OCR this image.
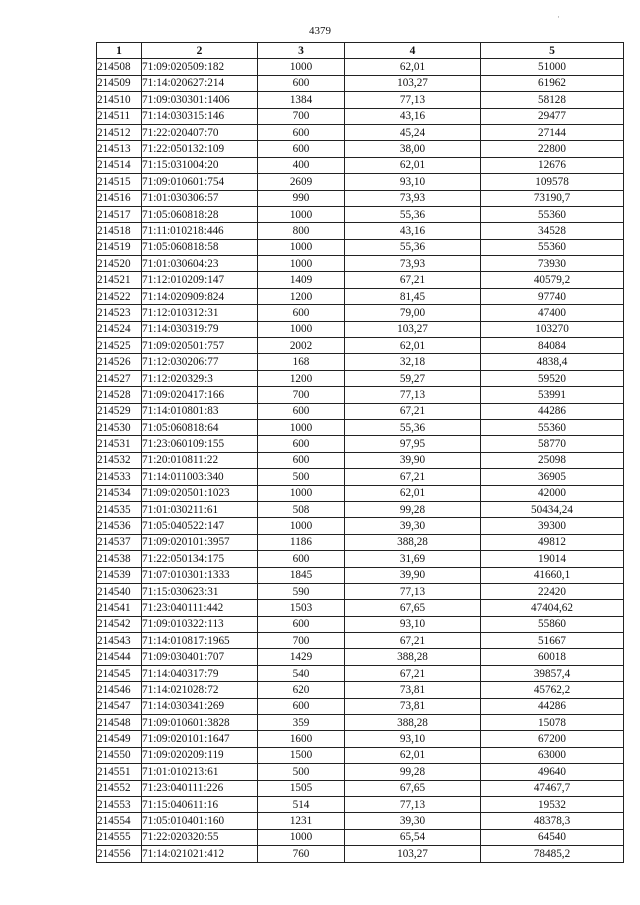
4379
·
1	2	3	4	5
214508	71:09:020509:182	1000	62,01	51000
214509	71:14:020627:214	600	103,27	61962
214510	71:09:030301:1406	1384	77,13	58128
214511	71:14:030315:146	700	43,16	29477
214512	71:22:020407:70	600	45,24	27144
214513	71:22:050132:109	600	38,00	22800
214514	71:15:031004:20	400	62,01	12676
214515	71:09:010601:754	2609	93,10	109578
214516	71:01:030306:57	990	73,93	73190,7
214517	71:05:060818:28	1000	55,36	55360
214518	71:11:010218:446	800	43,16	34528
214519	71:05:060818:58	1000	55,36	55360
214520	71:01:030604:23	1000	73,93	73930
214521	71:12:010209:147	1409	67,21	40579,2
214522	71:14:020909:824	1200	81,45	97740
214523	71:12:010312:31	600	79,00	47400
214524	71:14:030319:79	1000	103,27	103270
214525	71:09:020501:757	2002	62,01	84084
214526	71:12:030206:77	168	32,18	4838,4
214527	71:12:020329:3	1200	59,27	59520
214528	71:09:020417:166	700	77,13	53991
214529	71:14:010801:83	600	67,21	44286
214530	71:05:060818:64	1000	55,36	55360
214531	71:23:060109:155	600	97,95	58770
214532	71:20:010811:22	600	39,90	25098
214533	71:14:011003:340	500	67,21	36905
214534	71:09:020501:1023	1000	62,01	42000
214535	71:01:030211:61	508	99,28	50434,24
214536	71:05:040522:147	1000	39,30	39300
214537	71:09:020101:3957	1186	388,28	49812
214538	71:22:050134:175	600	31,69	19014
214539	71:07:010301:1333	1845	39,90	41660,1
214540	71:15:030623:31	590	77,13	22420
214541	71:23:040111:442	1503	67,65	47404,62
214542	71:09:010322:113	600	93,10	55860
214543	71:14:010817:1965	700	67,21	51667
214544	71:09:030401:707	1429	388,28	60018
214545	71:14:040317:79	540	67,21	39857,4
214546	71:14:021028:72	620	73,81	45762,2
214547	71:14:030341:269	600	73,81	44286
214548	71:09:010601:3828	359	388,28	15078
214549	71:09:020101:1647	1600	93,10	67200
214550	71:09:020209:119	1500	62,01	63000
214551	71:01:010213:61	500	99,28	49640
214552	71:23:040111:226	1505	67,65	47467,7
214553	71:15:040611:16	514	77,13	19532
214554	71:05:010401:160	1231	39,30	48378,3
214555	71:22:020320:55	1000	65,54	64540
214556	71:14:021021:412	760	103,27	78485,2
